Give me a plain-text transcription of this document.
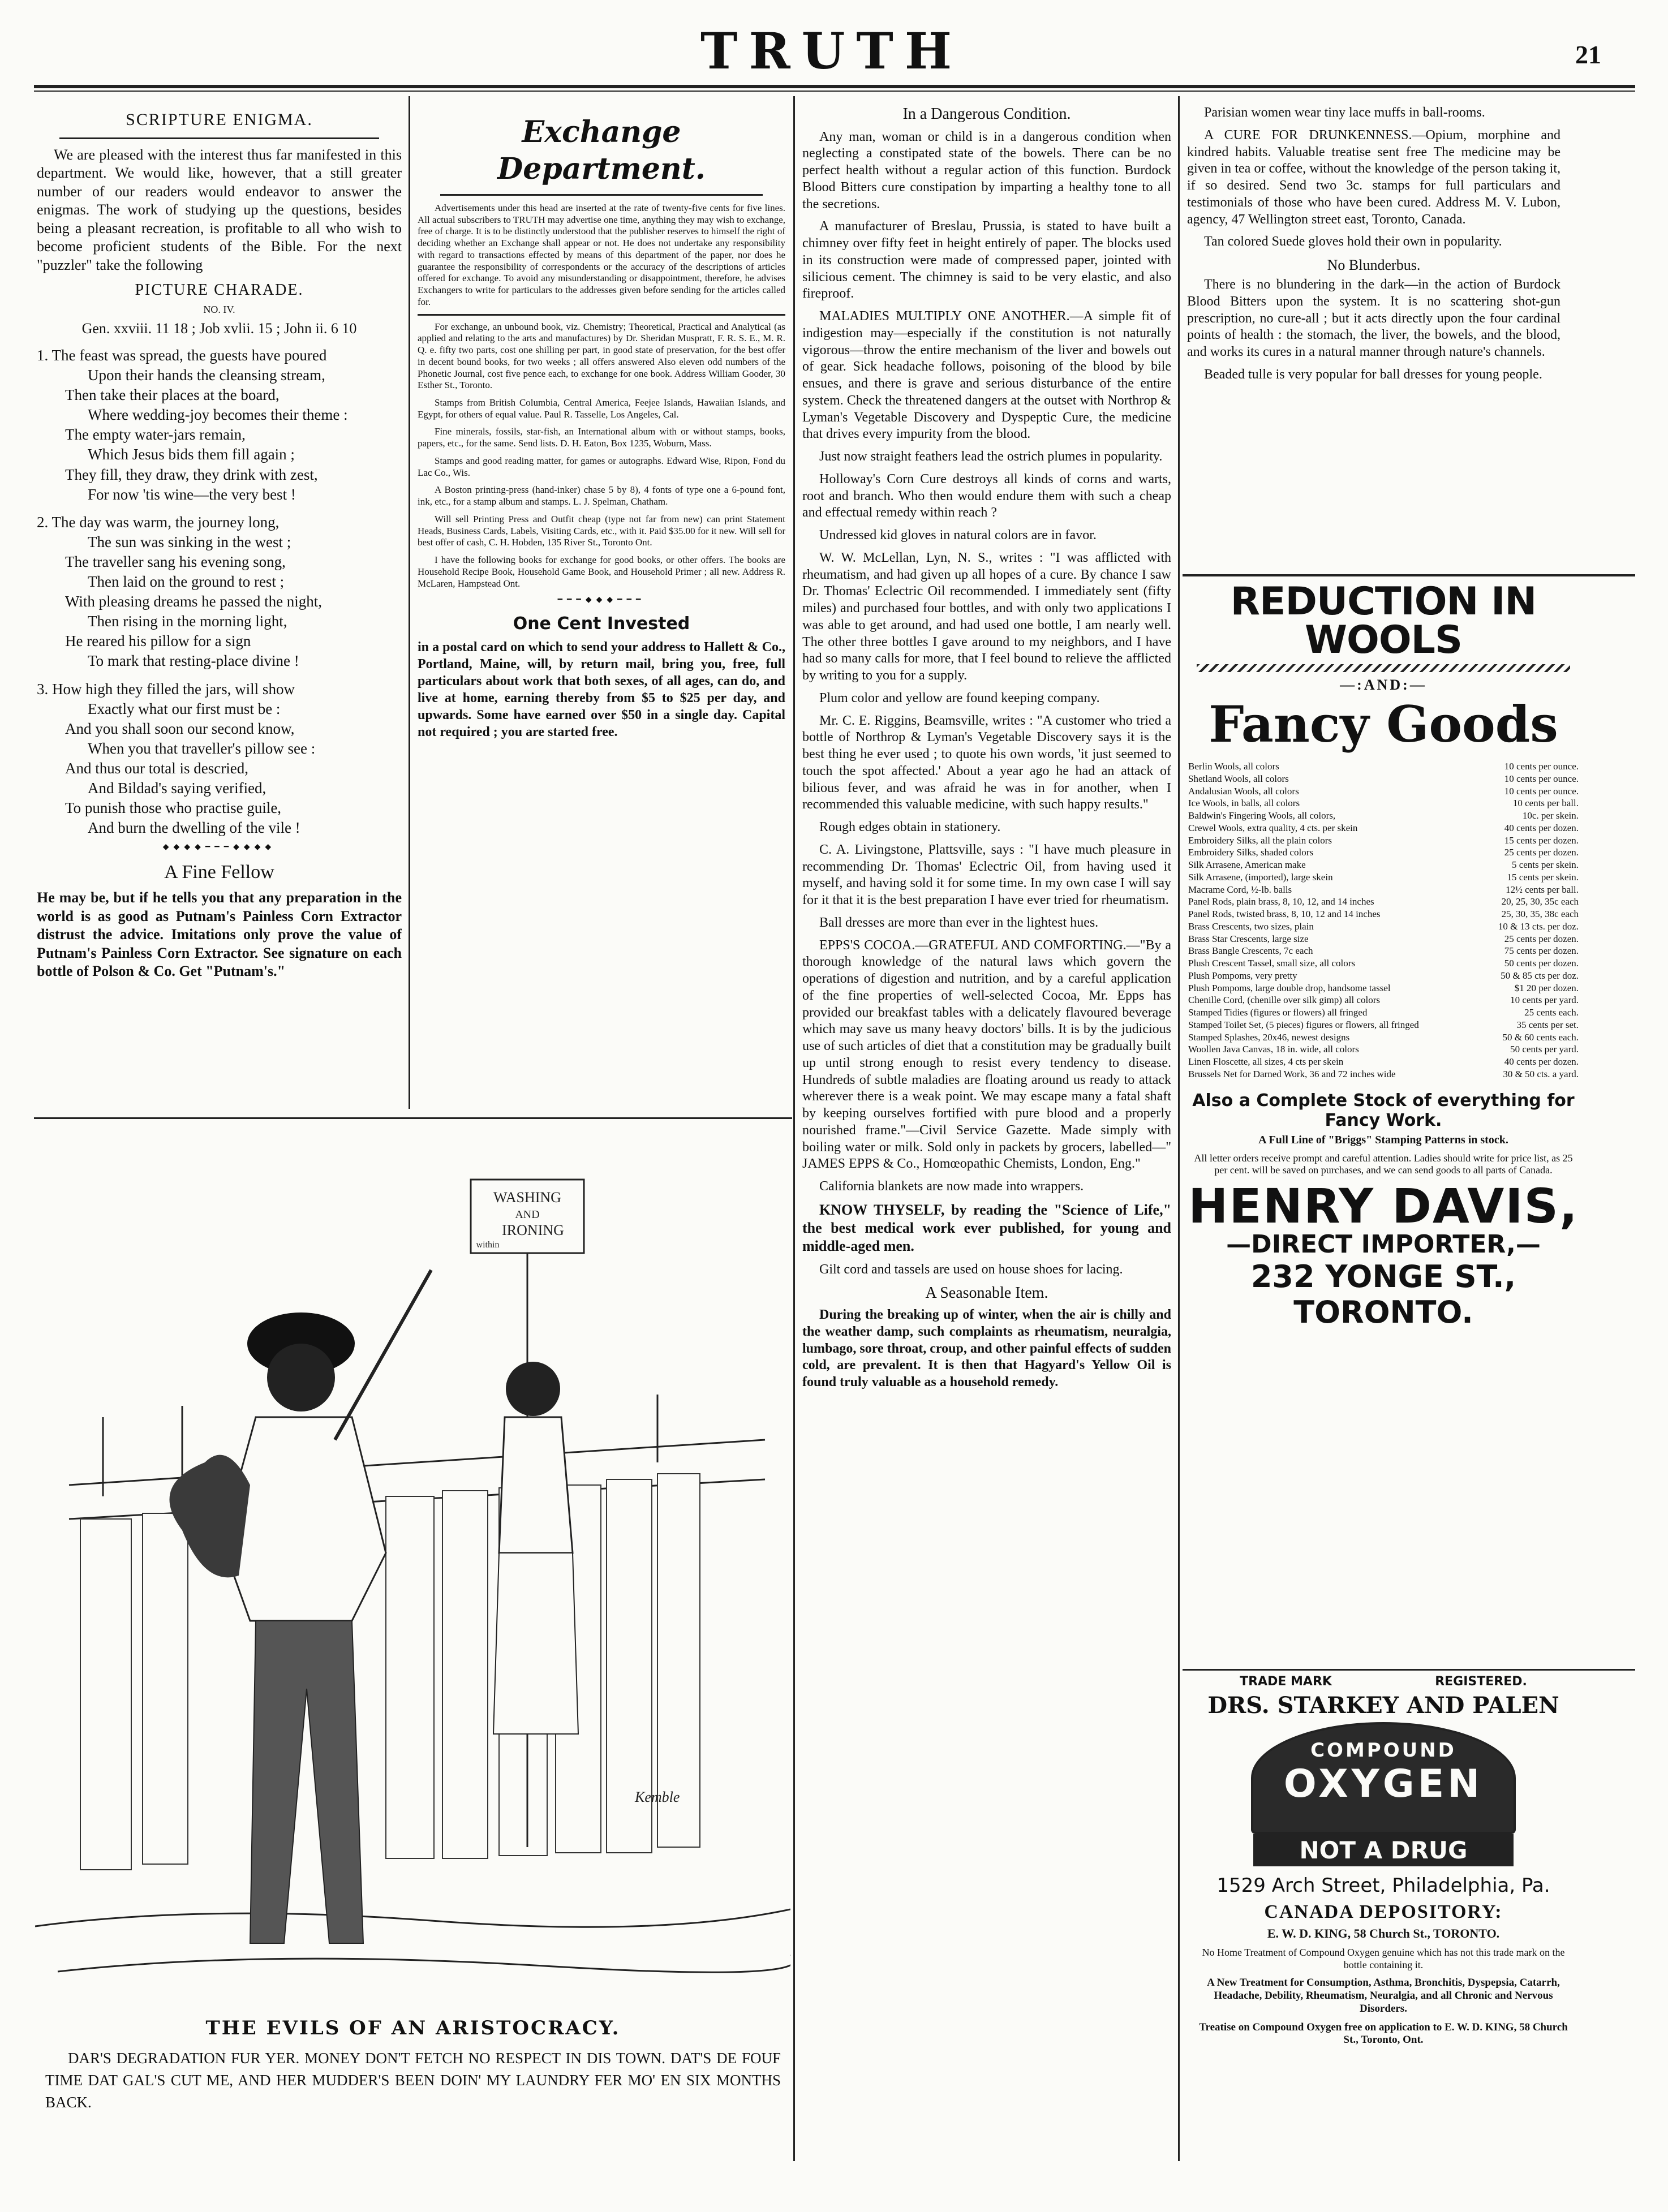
TRUTH	21
SCRIPTURE ENIGMA.

We are pleased with the interest thus far manifested in this department. We would like, however, that a still greater number of our readers would endeavor to answer the enigmas. The work of studying up the questions, besides being a pleasant recreation, is profitable to all who wish to become proficient students of the Bible. For the next "puzzler" take the following

PICTURE CHARADE.
NO. IV.
Gen. xxviii. 11 18 ; Job xvlii. 15 ; John ii. 6 10
1. The feast was spread, the guests have poured
Upon their hands the cleansing stream,
Then take their places at the board,
Where wedding-joy becomes their theme :
The empty water-jars remain,
Which Jesus bids them fill again ;
They fill, they draw, they drink with zest,
For now 'tis wine—the very best !
2. The day was warm, the journey long,
The sun was sinking in the west ;
The traveller sang his evening song,
Then laid on the ground to rest ;
With pleasing dreams he passed the night,
Then rising in the morning light,
He reared his pillow for a sign
To mark that resting-place divine !
3. How high they filled the jars, will show
Exactly what our first must be :
And you shall soon our second know,
When you that traveller's pillow see :
And thus our total is descried,
And Bildad's saying verified,
To punish those who practise guile,
And burn the dwelling of the vile !
◆◆◆◆━━━◆◆◆◆
A Fine Fellow

He may be, but if he tells you that any preparation in the world is as good as Putnam's Painless Corn Extractor distrust the advice. Imitations only prove the value of Putnam's Painless Corn Extractor. See signature on each bottle of Polson & Co. Get "Putnam's."

Exchange Department.

Advertisements under this head are inserted at the rate of twenty-five cents for five lines. All actual subscribers to TRUTH may advertise one time, anything they may wish to exchange, free of charge. It is to be distinctly understood that the publisher reserves to himself the right of deciding whether an Exchange shall appear or not. He does not undertake any responsibility with regard to transactions effected by means of this department of the paper, nor does he guarantee the responsibility of correspondents or the accuracy of the descriptions of articles offered for exchange. To avoid any misunderstanding or disappointment, therefore, he advises Exchangers to write for particulars to the addresses given before sending for the articles called for.

For exchange, an unbound book, viz. Chemistry; Theoretical, Practical and Analytical (as applied and relating to the arts and manufactures) by Dr. Sheridan Muspratt, F. R. S. E., M. R. Q. e. fifty two parts, cost one shilling per part, in good state of preservation, for the best offer in decent bound books, for two weeks ; all offers answered Also eleven odd numbers of the Phonetic Journal, cost five pence each, to exchange for one book. Address William Gooder, 30 Esther St., Toronto.

Stamps from British Columbia, Central America, Feejee Islands, Hawaiian Islands, and Egypt, for others of equal value. Paul R. Tasselle, Los Angeles, Cal.

Fine minerals, fossils, star-fish, an International album with or without stamps, books, papers, etc., for the same. Send lists. D. H. Eaton, Box 1235, Woburn, Mass.

Stamps and good reading matter, for games or autographs. Edward Wise, Ripon, Fond du Lac Co., Wis.

A Boston printing-press (hand-inker) chase 5 by 8), 4 fonts of type one a 6-pound font, ink, etc., for a stamp album and stamps. L. J. Spelman, Chatham.

Will sell Printing Press and Outfit cheap (type not far from new) can print Statement Heads, Business Cards, Labels, Visiting Cards, etc., with it. Paid $35.00 for it new. Will sell for best offer of cash, C. H. Hobden, 135 River St., Toronto Ont.

I have the following books for exchange for good books, or other offers. The books are Household Recipe Book, Household Game Book, and Household Primer ; all new. Address R. McLaren, Hampstead Ont.

━━━◆◆◆━━━
One Cent Invested

in a postal card on which to send your address to Hallett & Co., Portland, Maine, will, by return mail, bring you, free, full particulars about work that both sexes, of all ages, can do, and live at home, earning thereby from $5 to $25 per day, and upwards. Some have earned over $50 in a single day. Capital not required ; you are started free.

WASHING
AND
IRONING
within
Kemble
THE EVILS OF AN ARISTOCRACY.
DAR'S DEGRADATION FUR YER. MONEY DON'T FETCH NO RESPECT IN DIS TOWN. DAT'S DE FOUF TIME DAT GAL'S CUT ME, AND HER MUDDER'S BEEN DOIN' MY LAUNDRY FER MO' EN SIX MONTHS BACK.
In a Dangerous Condition.

Any man, woman or child is in a dangerous condition when neglecting a constipated state of the bowels. There can be no perfect health without a regular action of this function. Burdock Blood Bitters cure constipation by imparting a healthy tone to all the secretions.

A manufacturer of Breslau, Prussia, is stated to have built a chimney over fifty feet in height entirely of paper. The blocks used in its construction were made of compressed paper, jointed with silicious cement. The chimney is said to be very elastic, and also fireproof.

MALADIES MULTIPLY ONE ANOTHER.—A simple fit of indigestion may—especially if the constitution is not naturally vigorous—throw the entire mechanism of the liver and bowels out of gear. Sick headache follows, poisoning of the blood by bile ensues, and there is grave and serious disturbance of the entire system. Check the threatened dangers at the outset with Northrop & Lyman's Vegetable Discovery and Dyspeptic Cure, the medicine that drives every impurity from the blood.

Just now straight feathers lead the ostrich plumes in popularity.

Holloway's Corn Cure destroys all kinds of corns and warts, root and branch. Who then would endure them with such a cheap and effectual remedy within reach ?

Undressed kid gloves in natural colors are in favor.

W. W. McLellan, Lyn, N. S., writes : "I was afflicted with rheumatism, and had given up all hopes of a cure. By chance I saw Dr. Thomas' Eclectric Oil recommended. I immediately sent (fifty miles) and purchased four bottles, and with only two applications I was able to get around, and had used one bottle, I am nearly well. The other three bottles I gave around to my neighbors, and I have had so many calls for more, that I feel bound to relieve the afflicted by writing to you for a supply.

Plum color and yellow are found keeping company.

Mr. C. E. Riggins, Beamsville, writes : "A customer who tried a bottle of Northrop & Lyman's Vegetable Discovery says it is the best thing he ever used ; to quote his own words, 'it just seemed to touch the spot affected.' About a year ago he had an attack of bilious fever, and was afraid he was in for another, when I recommended this valuable medicine, with such happy results."

Rough edges obtain in stationery.

C. A. Livingstone, Plattsville, says : "I have much pleasure in recommending Dr. Thomas' Eclectric Oil, from having used it myself, and having sold it for some time. In my own case I will say for it that it is the best preparation I have ever tried for rheumatism.

Ball dresses are more than ever in the lightest hues.

EPPS'S COCOA.—GRATEFUL AND COMFORTING.—"By a thorough knowledge of the natural laws which govern the operations of digestion and nutrition, and by a careful application of the fine properties of well-selected Cocoa, Mr. Epps has provided our breakfast tables with a delicately flavoured beverage which may save us many heavy doctors' bills. It is by the judicious use of such articles of diet that a constitution may be gradually built up until strong enough to resist every tendency to disease. Hundreds of subtle maladies are floating around us ready to attack wherever there is a weak point. We may escape many a fatal shaft by keeping ourselves fortified with pure blood and a properly nourished frame."—Civil Service Gazette. Made simply with boiling water or milk. Sold only in packets by grocers, labelled—" JAMES EPPS & Co., Homœopathic Chemists, London, Eng."

California blankets are now made into wrappers.

KNOW THYSELF, by reading the "Science of Life," the best medical work ever published, for young and middle-aged men.

Gilt cord and tassels are used on house shoes for lacing.

A Seasonable Item.

During the breaking up of winter, when the air is chilly and the weather damp, such complaints as rheumatism, neuralgia, lumbago, sore throat, croup, and other painful effects of sudden cold, are prevalent. It is then that Hagyard's Yellow Oil is found truly valuable as a household remedy.

Parisian women wear tiny lace muffs in ball-rooms.

A CURE FOR DRUNKENNESS.—Opium, morphine and kindred habits. Valuable treatise sent free The medicine may be given in tea or coffee, without the knowledge of the person taking it, if so desired. Send two 3c. stamps for full particulars and testimonials of those who have been cured. Address M. V. Lubon, agency, 47 Wellington street east, Toronto, Canada.

Tan colored Suede gloves hold their own in popularity.

No Blunderbus.

There is no blundering in the dark—in the action of Burdock Blood Bitters upon the system. It is no scattering shot-gun prescription, no cure-all ; but it acts directly upon the four cardinal points of health : the stomach, the liver, the bowels, and the blood, and works its cures in a natural manner through nature's channels.

Beaded tulle is very popular for ball dresses for young people.

REDUCTION IN WOOLS
—:AND:—
Fancy Goods
Berlin Wools, all colors	10 cents per ounce.
Shetland Wools, all colors	10 cents per ounce.
Andalusian Wools, all colors	10 cents per ounce.
Ice Wools, in balls, all colors	10 cents per ball.
Baldwin's Fingering Wools, all colors,	10c. per skein.
Crewel Wools, extra quality, 4 cts. per skein	40 cents per dozen.
Embroidery Silks, all the plain colors	15 cents per dozen.
Embroidery Silks, shaded colors	25 cents per dozen.
Silk Arrasene, American make	5 cents per skein.
Silk Arrasene, (imported), large skein	15 cents per skein.
Macrame Cord, ½-lb. balls	12½ cents per ball.
Panel Rods, plain brass, 8, 10, 12, and 14 inches	20, 25, 30, 35c each
Panel Rods, twisted brass, 8, 10, 12 and 14 inches	25, 30, 35, 38c each
Brass Crescents, two sizes, plain	10 & 13 cts. per doz.
Brass Star Crescents, large size	25 cents per dozen.
Brass Bangle Crescents, 7c each	75 cents per dozen.
Plush Crescent Tassel, small size, all colors	50 cents per dozen.
Plush Pompoms, very pretty	50 & 85 cts per doz.
Plush Pompoms, large double drop, handsome tassel	$1 20 per dozen.
Chenille Cord, (chenille over silk gimp) all colors	10 cents per yard.
Stamped Tidies (figures or flowers) all fringed	25 cents each.
Stamped Toilet Set, (5 pieces) figures or flowers, all fringed	35 cents per set.
Stamped Splashes, 20x46, newest designs	50 & 60 cents each.
Woollen Java Canvas, 18 in. wide, all colors	50 cents per yard.
Linen Floscette, all sizes, 4 cts per skein	40 cents per dozen.
Brussels Net for Darned Work, 36 and 72 inches wide	30 & 50 cts. a yard.
Also a Complete Stock of everything for Fancy Work.
A Full Line of "Briggs" Stamping Patterns in stock.
All letter orders receive prompt and careful attention. Ladies should write for price list, as 25 per cent. will be saved on purchases, and we can send goods to all parts of Canada.
HENRY DAVIS,
—DIRECT IMPORTER,—
232 YONGE ST., TORONTO.
TRADE MARK	REGISTERED.
DRS. STARKEY AND PALEN
COMPOUND
OXYGEN
NOT A DRUG
1529 Arch Street, Philadelphia, Pa.
CANADA DEPOSITORY:
E. W. D. KING, 58 Church St., TORONTO.
No Home Treatment of Compound Oxygen genuine which has not this trade mark on the bottle containing it.
A New Treatment for Consumption, Asthma, Bronchitis, Dyspepsia, Catarrh, Headache, Debility, Rheumatism, Neuralgia, and all Chronic and Nervous Disorders.
Treatise on Compound Oxygen free on application to E. W. D. KING, 58 Church St., Toronto, Ont.
